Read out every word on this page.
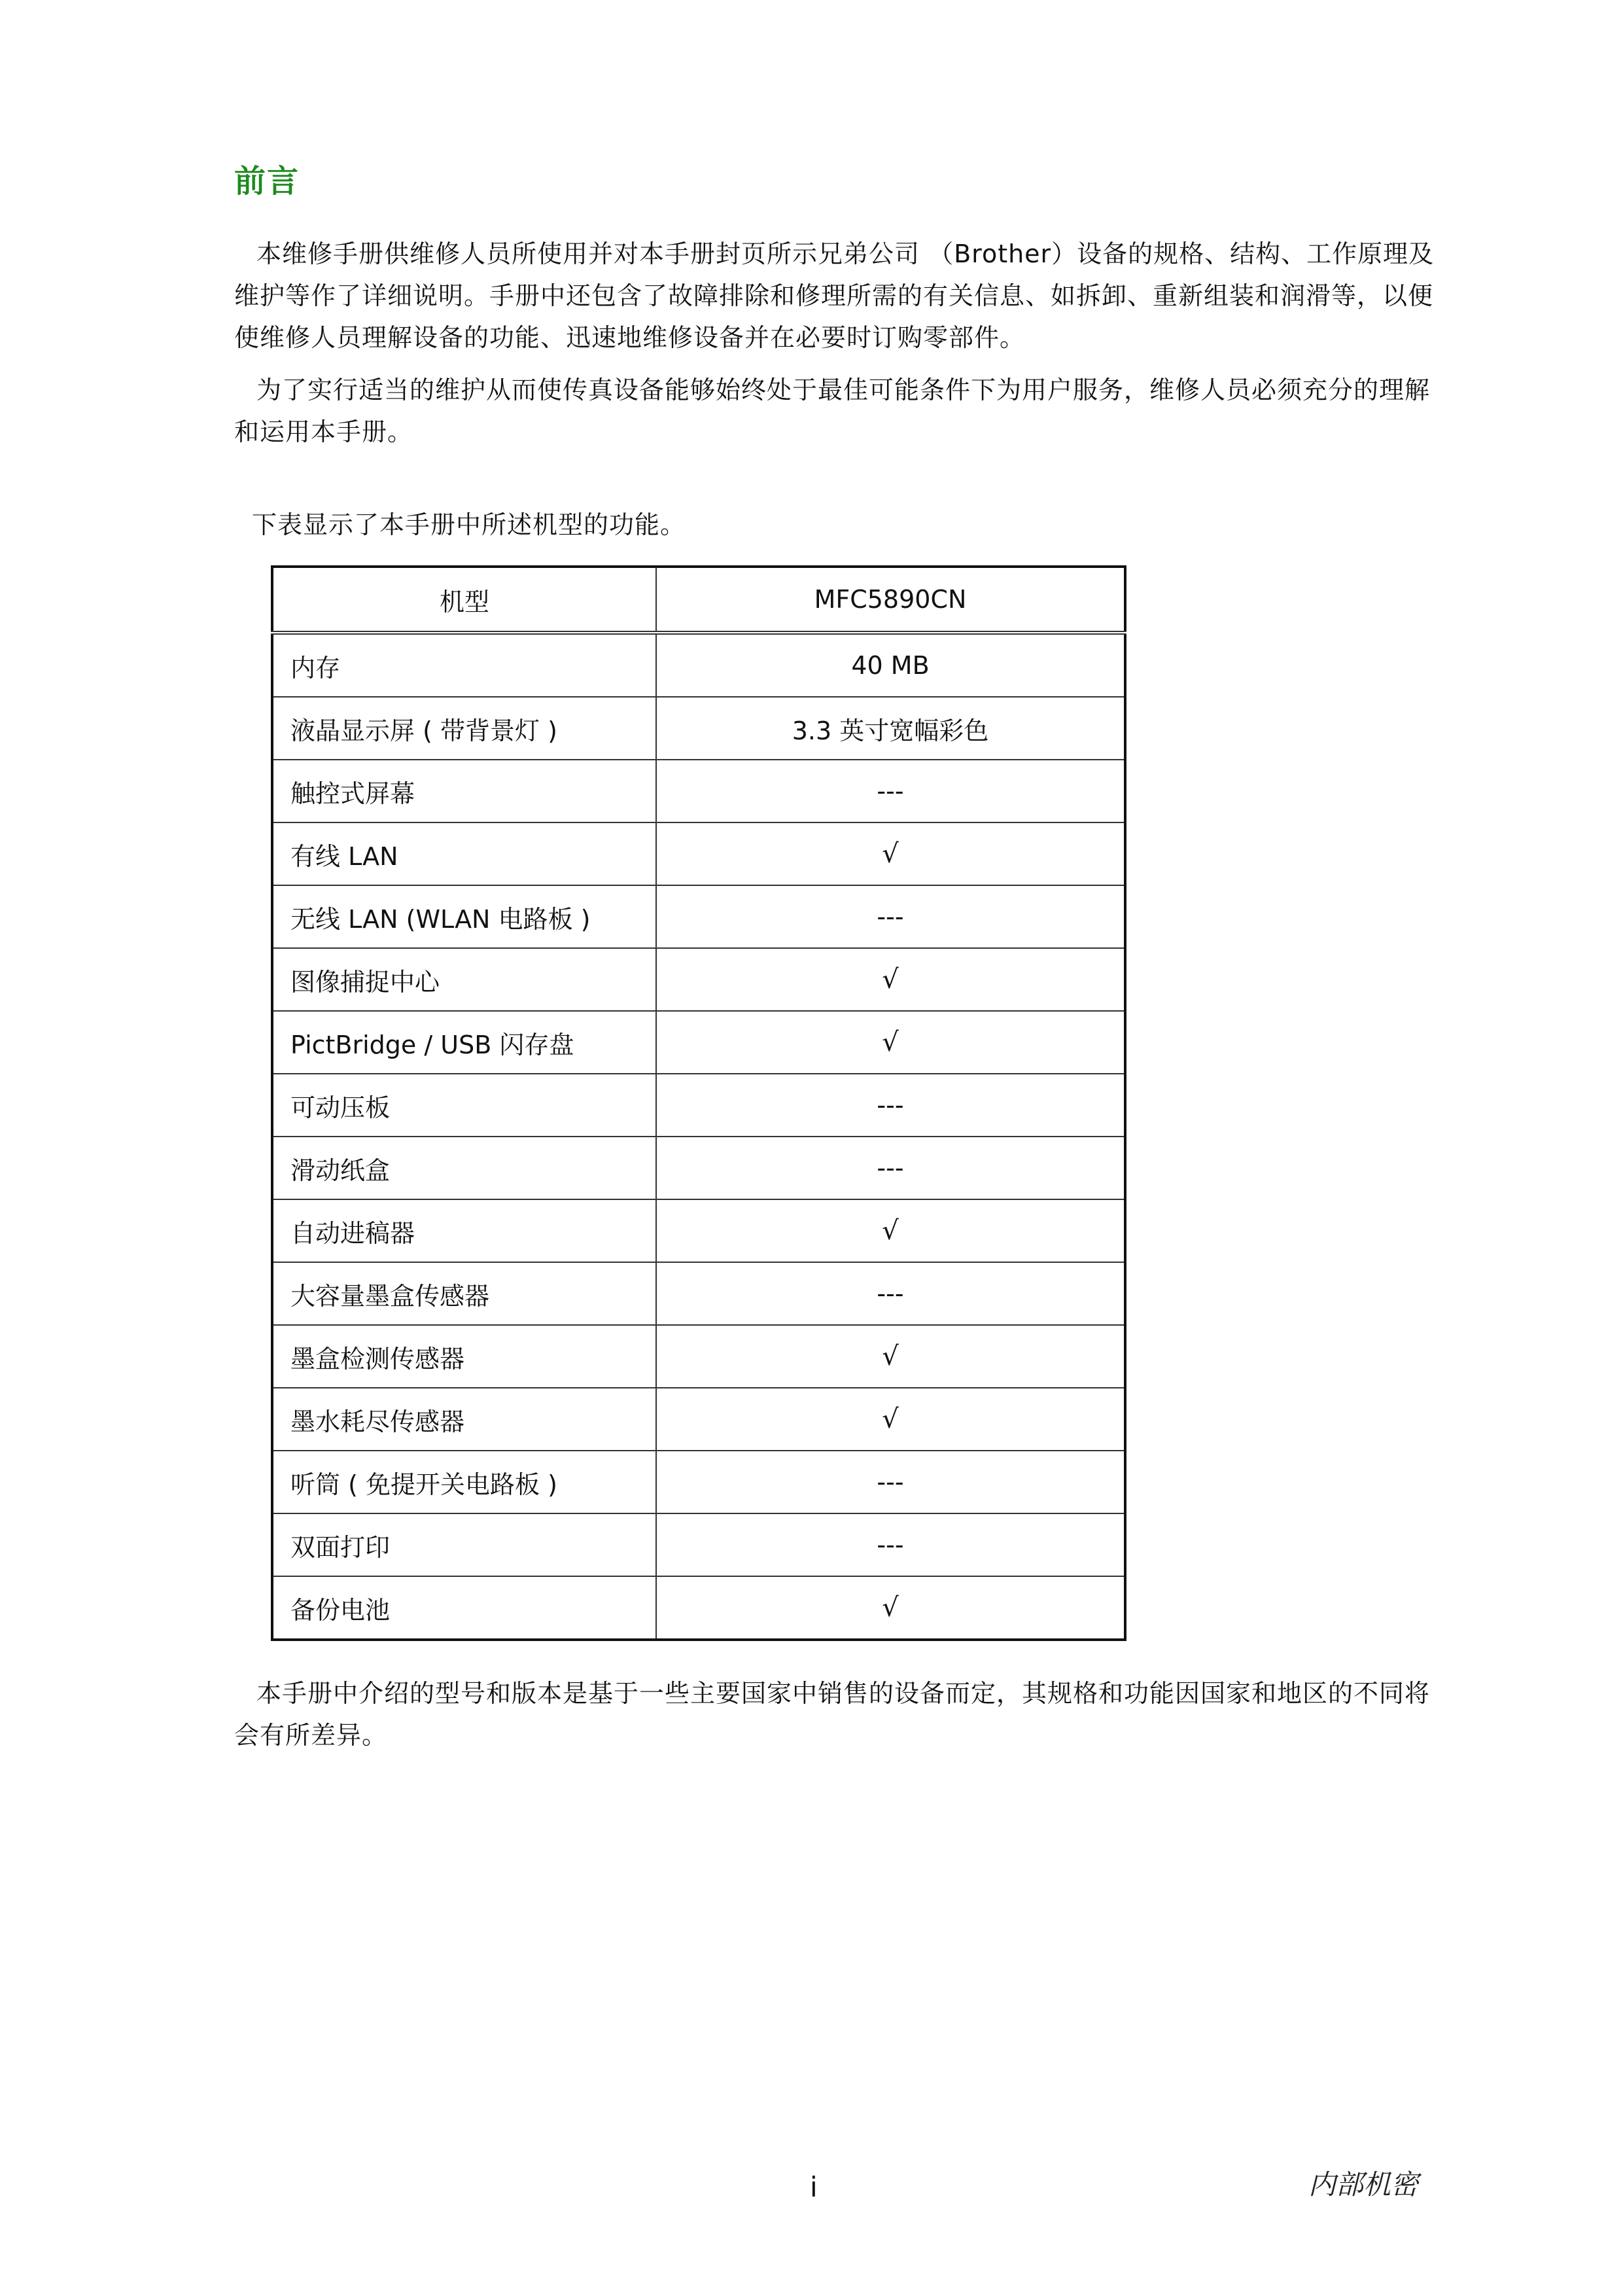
前言
本维修手册供维修人员所使用并对本手册封页所示兄弟公司 （Brother）设备的规格、结构、工作原理及维护等作了详细说明。手册中还包含了故障排除和修理所需的有关信息、如拆卸、重新组装和润滑等，以便使维修人员理解设备的功能、迅速地维修设备并在必要时订购零部件。
为了实行适当的维护从而使传真设备能够始终处于最佳可能条件下为用户服务，维修人员必须充分的理解和运用本手册。
下表显示了本手册中所述机型的功能。
机型	MFC5890CN
内存	40 MB
液晶显示屏 ( 带背景灯 )	3.3 英寸宽幅彩色
触控式屏幕	---
有线 LAN	√
无线 LAN (WLAN 电路板 )	---
图像捕捉中心	√
PictBridge / USB 闪存盘	√
可动压板	---
滑动纸盒	---
自动进稿器	√
大容量墨盒传感器	---
墨盒检测传感器	√
墨水耗尽传感器	√
听筒 ( 免提开关电路板 )	---
双面打印	---
备份电池	√
本手册中介绍的型号和版本是基于一些主要国家中销售的设备而定，其规格和功能因国家和地区的不同将会有所差异。
i	内部机密
